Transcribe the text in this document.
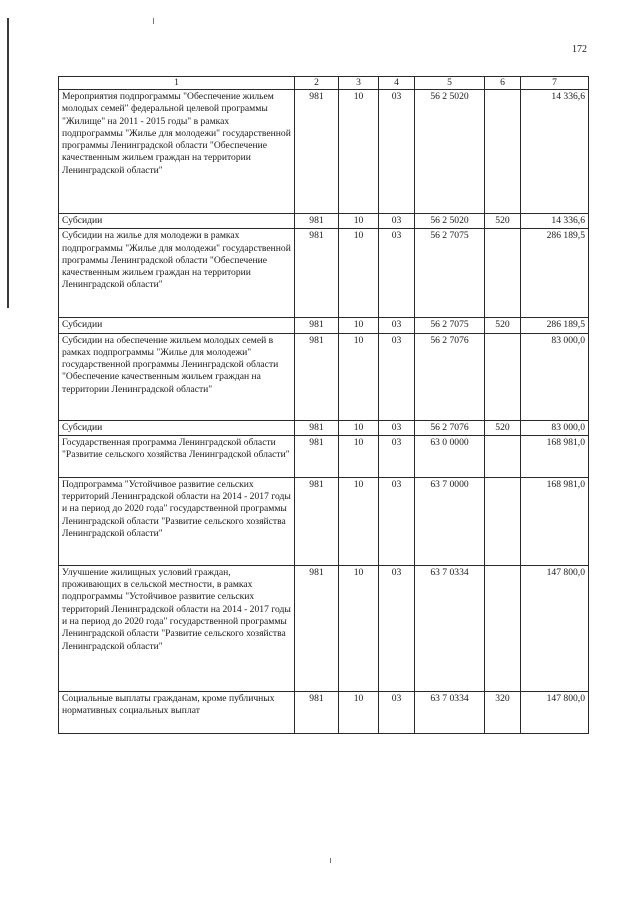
172
1	2	3	4	5	6	7
Мероприятия подпрограммы "Обеспечение жильем молодых семей" федеральной целевой программы "Жилище" на 2011 - 2015 годы" в рамках подпрограммы "Жилье для молодежи" государственной программы Ленинградской области "Обеспечение качественным жильем граждан на территории Ленинградской области"	981	10	03	56 2 5020		14 336,6
Субсидии	981	10	03	56 2 5020	520	14 336,6
Субсидии на жилье для молодежи в рамках подпрограммы "Жилье для молодежи" государственной программы Ленинградской области "Обеспечение качественным жильем граждан на территории Ленинградской области"	981	10	03	56 2 7075		286 189,5
Субсидии	981	10	03	56 2 7075	520	286 189,5
Субсидии на обеспечение жильем молодых семей в рамках подпрограммы "Жилье для молодежи" государственной программы Ленинградской области "Обеспечение качественным жильем граждан на территории Ленинградской области"	981	10	03	56 2 7076		83 000,0
Субсидии	981	10	03	56 2 7076	520	83 000,0
Государственная программа Ленинградской области "Развитие сельского хозяйства Ленинградской области"	981	10	03	63 0 0000		168 981,0
Подпрограмма "Устойчивое развитие сельских территорий Ленинградской области на 2014 - 2017 годы и на период до 2020 года" государственной программы Ленинградской области "Развитие сельского хозяйства Ленинградской области"	981	10	03	63 7 0000		168 981,0
Улучшение жилищных условий граждан, проживающих в сельской местности, в рамках подпрограммы "Устойчивое развитие сельских территорий Ленинградской области на 2014 - 2017 годы и на период до 2020 года" государственной программы Ленинградской области "Развитие сельского хозяйства Ленинградской области"	981	10	03	63 7 0334		147 800,0
Социальные выплаты гражданам, кроме публичных нормативных социальных выплат	981	10	03	63 7 0334	320	147 800,0
